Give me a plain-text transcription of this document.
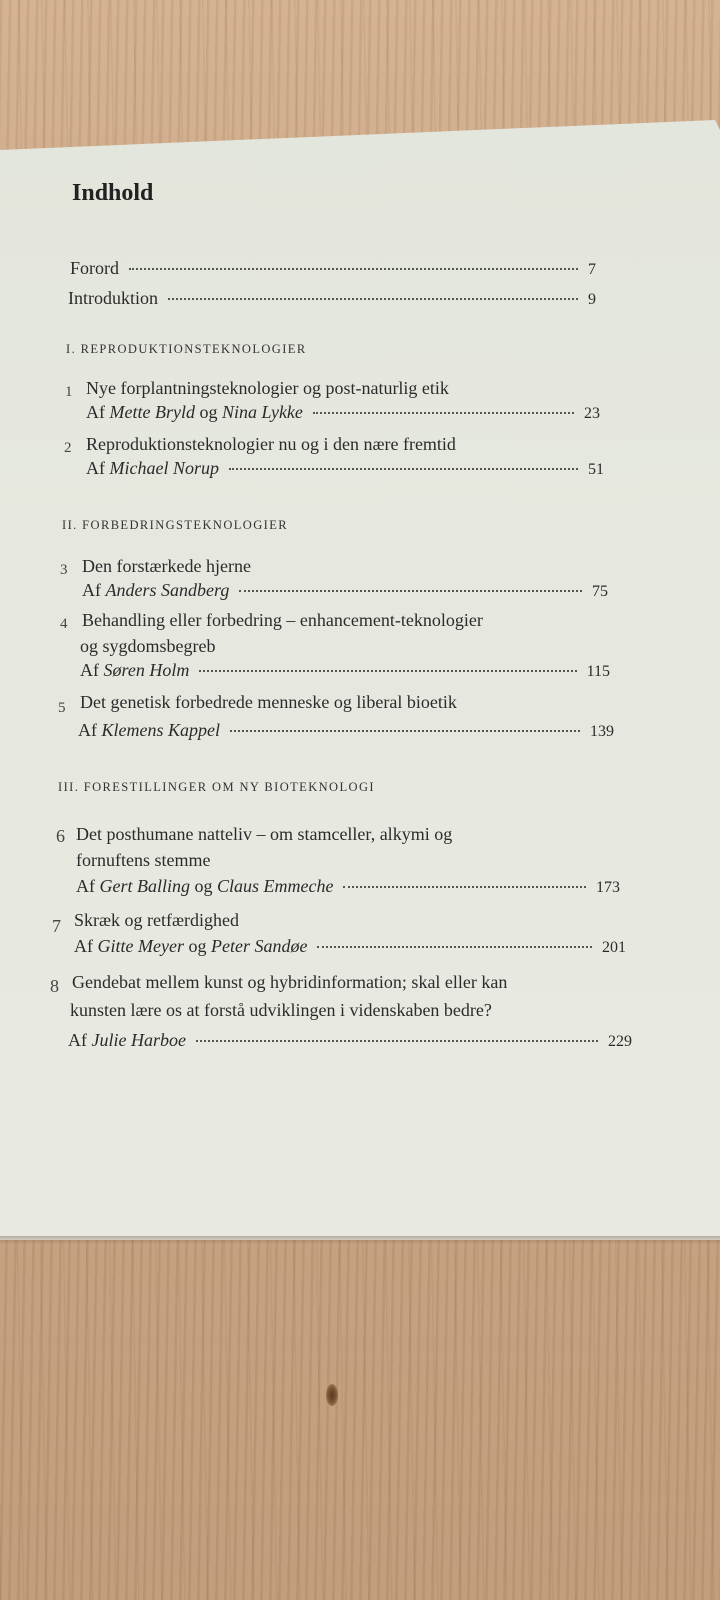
Indhold
Forord	7
Introduktion	9
I. REPRODUKTIONSTEKNOLOGIER
1 Nye forplantningsteknologier og post-naturlig etik
Af Mette Bryld og Nina Lykke	23
2 Reproduktionsteknologier nu og i den nære fremtid
Af Michael Norup	51
II. FORBEDRINGSTEKNOLOGIER
3 Den forstærkede hjerne
Af Anders Sandberg	75
4 Behandling eller forbedring – enhancement-teknologier
og sygdomsbegreb
Af Søren Holm	115
5 Det genetisk forbedrede menneske og liberal bioetik
Af Klemens Kappel	139
III. FORESTILLINGER OM NY BIOTEKNOLOGI
6 Det posthumane natteliv – om stamceller, alkymi og
fornuftens stemme
Af Gert Balling og Claus Emmeche	173
7 Skræk og retfærdighed
Af Gitte Meyer og Peter Sandøe	201
8 Gendebat mellem kunst og hybridinformation; skal eller kan
kunsten lære os at forstå udviklingen i videnskaben bedre?
Af Julie Harboe	229
